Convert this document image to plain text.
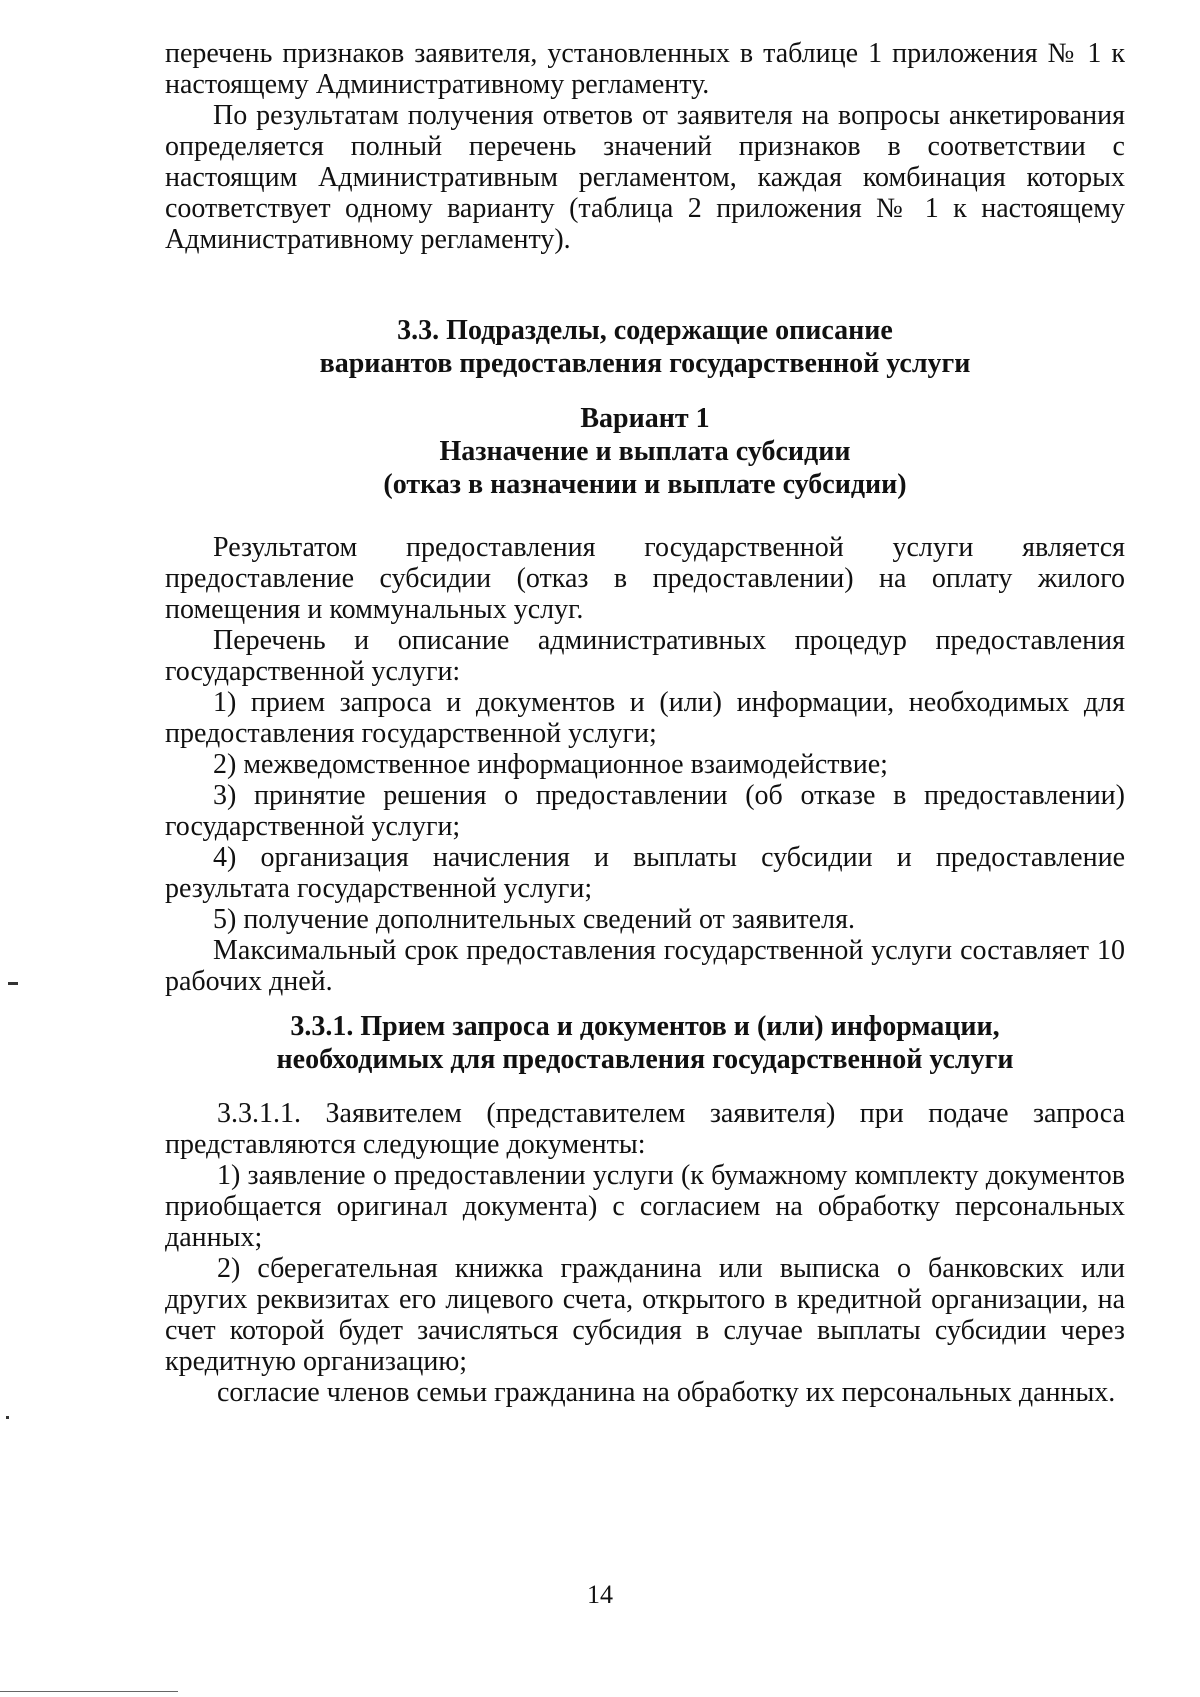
перечень признаков заявителя, установленных в таблице 1 приложения № 1 к настоящему Административному регламенту.

По результатам получения ответов от заявителя на вопросы анкетирования определяется полный перечень значений признаков в соответствии с настоящим Административным регламентом, каждая комбинация которых соответствует одному варианту (таблица 2 приложения № 1 к настоящему Административному регламенту).

3.3. Подразделы, содержащие описание
вариантов предоставления государственной услуги
Вариант 1
Назначение и выплата субсидии
(отказ в назначении и выплате субсидии)

Результатом предоставления государственной услуги является предоставление субсидии (отказ в предоставлении) на оплату жилого помещения и коммунальных услуг.

Перечень и описание административных процедур предоставления государственной услуги:

1) прием запроса и документов и (или) информации, необходимых для предоставления государственной услуги;

2) межведомственное информационное взаимодействие;

3) принятие решения о предоставлении (об отказе в предоставлении) государственной услуги;

4) организация начисления и выплаты субсидии и предоставление результата государственной услуги;

5) получение дополнительных сведений от заявителя.

Максимальный срок предоставления государственной услуги составляет 10 рабочих дней.

3.3.1. Прием запроса и документов и (или) информации,
необходимых для предоставления государственной услуги

3.3.1.1. Заявителем (представителем заявителя) при подаче запроса представляются следующие документы:

1) заявление о предоставлении услуги (к бумажному комплекту документов приобщается оригинал документа) с согласием на обработку персональных данных;

2) сберегательная книжка гражданина или выписка о банковских или других реквизитах его лицевого счета, открытого в кредитной организации, на счет которой будет зачисляться субсидия в случае выплаты субсидии через кредитную организацию;

согласие членов семьи гражданина на обработку их персональных данных.

14
